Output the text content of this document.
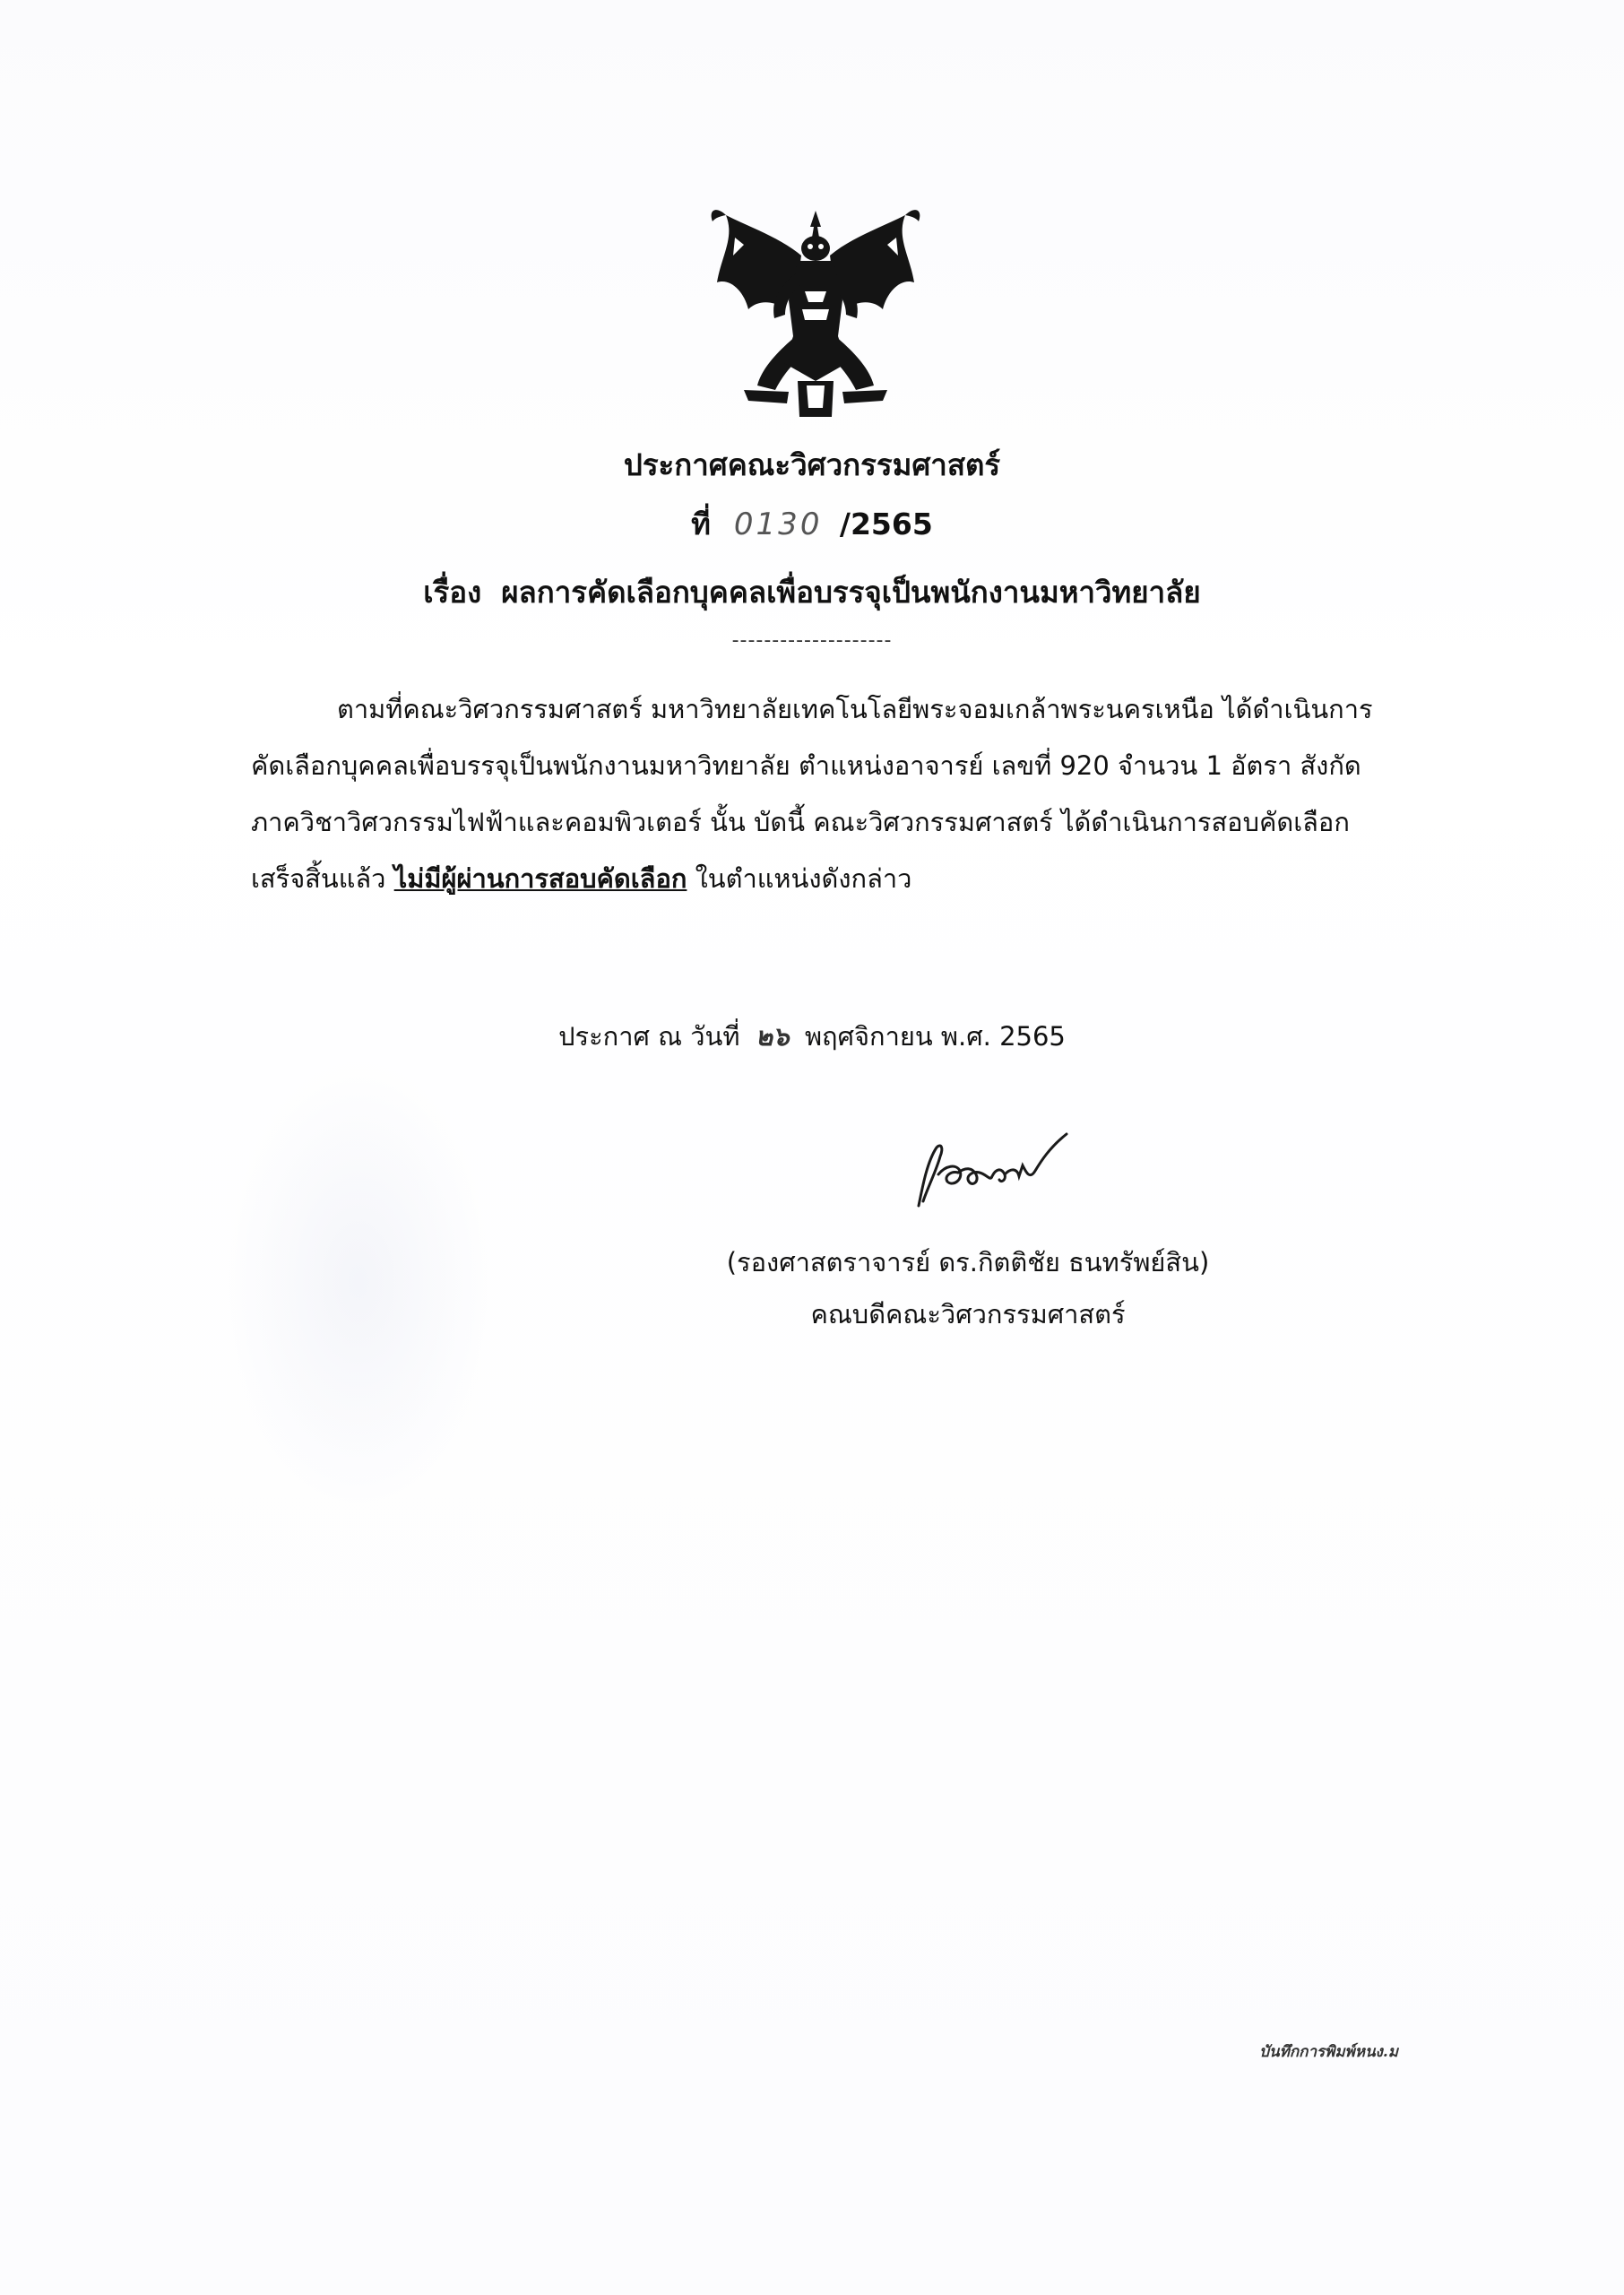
ประกาศคณะวิศวกรรมศาสตร์
ที่ 0130 /2565
เรื่อง ผลการคัดเลือกบุคคลเพื่อบรรจุเป็นพนักงานมหาวิทยาลัย
--------------------
ตามที่คณะวิศวกรรมศาสตร์ มหาวิทยาลัยเทคโนโลยีพระจอมเกล้าพระนครเหนือ ได้ดำเนินการ
คัดเลือกบุคคลเพื่อบรรจุเป็นพนักงานมหาวิทยาลัย ตำแหน่งอาจารย์ เลขที่ 920 จำนวน 1 อัตรา สังกัด
ภาควิชาวิศวกรรมไฟฟ้าและคอมพิวเตอร์ นั้น บัดนี้ คณะวิศวกรรมศาสตร์ ได้ดำเนินการสอบคัดเลือก
เสร็จสิ้นแล้ว ไม่มีผู้ผ่านการสอบคัดเลือก ในตำแหน่งดังกล่าว
ประกาศ ณ วันที่ ๒๖ พฤศจิกายน พ.ศ. 2565
(รองศาสตราจารย์ ดร.กิตติชัย ธนทรัพย์สิน)
คณบดีคณะวิศวกรรมศาสตร์
บันทึกการพิมพ์หนง.ม
